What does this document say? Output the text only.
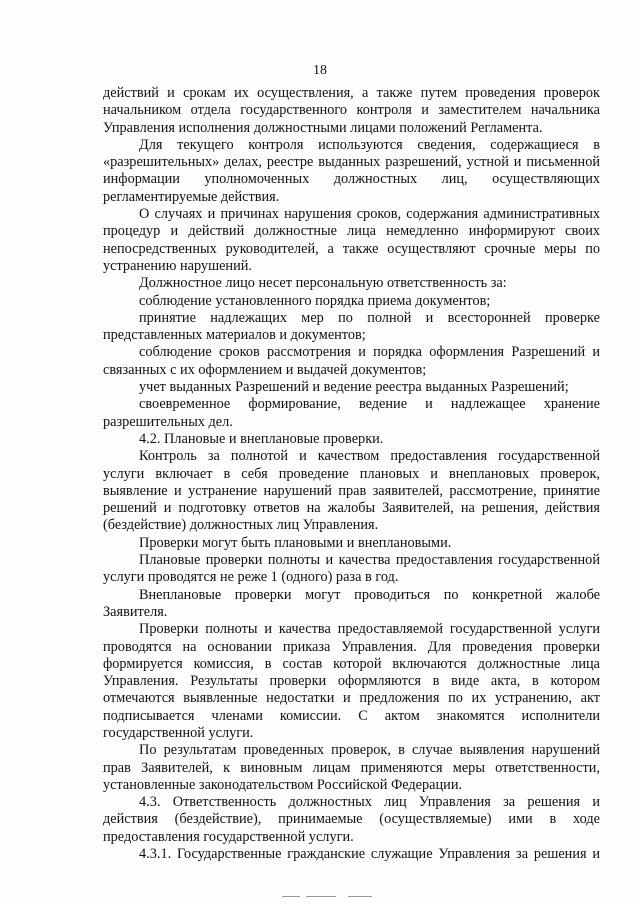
18
действий и срокам их осуществления, а также путем проведения проверок
начальником отдела государственного контроля и заместителем начальника
Управления исполнения должностными лицами положений Регламента.
Для текущего контроля используются сведения, содержащиеся в
«разрешительных» делах, реестре выданных разрешений, устной и письменной
информации уполномоченных должностных лиц, осуществляющих
регламентируемые действия.
О случаях и причинах нарушения сроков, содержания административных
процедур и действий должностные лица немедленно информируют своих
непосредственных руководителей, а также осуществляют срочные меры по
устранению нарушений.
Должностное лицо несет персональную ответственность за:
соблюдение установленного порядка приема документов;
принятие надлежащих мер по полной и всесторонней проверке
представленных материалов и документов;
соблюдение сроков рассмотрения и порядка оформления Разрешений и
связанных с их оформлением и выдачей документов;
учет выданных Разрешений и ведение реестра выданных Разрешений;
своевременное формирование, ведение и надлежащее хранение
разрешительных дел.
4.2. Плановые и внеплановые проверки.
Контроль за полнотой и качеством предоставления государственной
услуги включает в себя проведение плановых и внеплановых проверок,
выявление и устранение нарушений прав заявителей, рассмотрение, принятие
решений и подготовку ответов на жалобы Заявителей, на решения, действия
(бездействие) должностных лиц Управления.
Проверки могут быть плановыми и внеплановыми.
Плановые проверки полноты и качества предоставления государственной
услуги проводятся не реже 1 (одного) раза в год.
Внеплановые проверки могут проводиться по конкретной жалобе
Заявителя.
Проверки полноты и качества предоставляемой государственной услуги
проводятся на основании приказа Управления. Для проведения проверки
формируется комиссия, в состав которой включаются должностные лица
Управления. Результаты проверки оформляются в виде акта, в котором
отмечаются выявленные недостатки и предложения по их устранению, акт
подписывается членами комиссии. С актом знакомятся исполнители
государственной услуги.
По результатам проведенных проверок, в случае выявления нарушений
прав Заявителей, к виновным лицам применяются меры ответственности,
установленные законодательством Российской Федерации.
4.3. Ответственность должностных лиц Управления за решения и
действия (бездействие), принимаемые (осуществляемые) ими в ходе
предоставления государственной услуги.
4.3.1. Государственные гражданские служащие Управления за решения и
